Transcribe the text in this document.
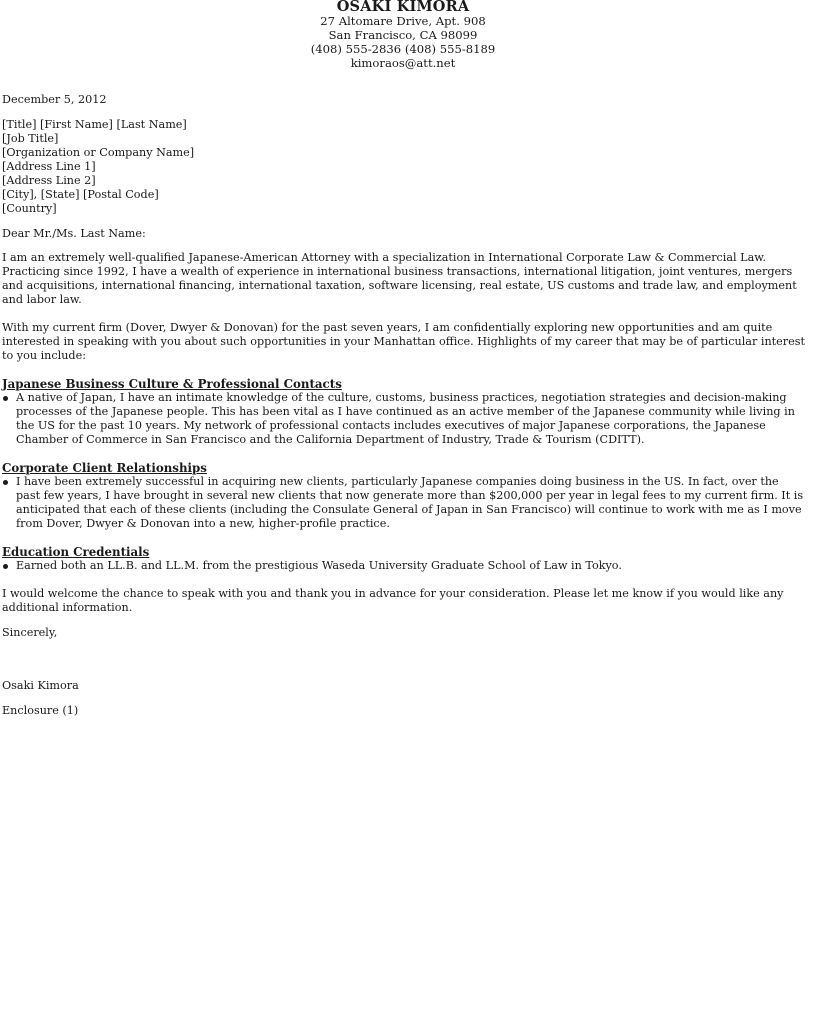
OSAKI KIMORA
27 Altomare Drive, Apt. 908
San Francisco, CA 98099
(408) 555-2836 (408) 555-8189
kimoraos@att.net
December 5, 2012
[Title] [First Name] [Last Name]
[Job Title]
[Organization or Company Name]
[Address Line 1]
[Address Line 2]
[City], [State] [Postal Code]
[Country]
Dear Mr./Ms. Last Name:
I am an extremely well-qualified Japanese-American Attorney with a specialization in International Corporate Law & Commercial Law. Practicing since 1992, I have a wealth of experience in international business transactions, international litigation, joint ventures, mergers and acquisitions, international financing, international taxation, software licensing, real estate, US customs and trade law, and employment and labor law.
With my current firm (Dover, Dwyer & Donovan) for the past seven years, I am confidentially exploring new opportunities and am quite interested in speaking with you about such opportunities in your Manhattan office. Highlights of my career that may be of particular interest to you include:
Japanese Business Culture & Professional Contacts
A native of Japan, I have an intimate knowledge of the culture, customs, business practices, negotiation strategies and decision-making processes of the Japanese people. This has been vital as I have continued as an active member of the Japanese community while living in the US for the past 10 years. My network of professional contacts includes executives of major Japanese corporations, the Japanese Chamber of Commerce in San Francisco and the California Department of Industry, Trade & Tourism (CDITT).
Corporate Client Relationships
I have been extremely successful in acquiring new clients, particularly Japanese companies doing business in the US. In fact, over the past few years, I have brought in several new clients that now generate more than $200,000 per year in legal fees to my current firm. It is anticipated that each of these clients (including the Consulate General of Japan in San Francisco) will continue to work with me as I move from Dover, Dwyer & Donovan into a new, higher-profile practice.
Education Credentials
Earned both an LL.B. and LL.M. from the prestigious Waseda University Graduate School of Law in Tokyo.
I would welcome the chance to speak with you and thank you in advance for your consideration. Please let me know if you would like any additional information.
Sincerely,
Osaki Kimora
Enclosure (1)
